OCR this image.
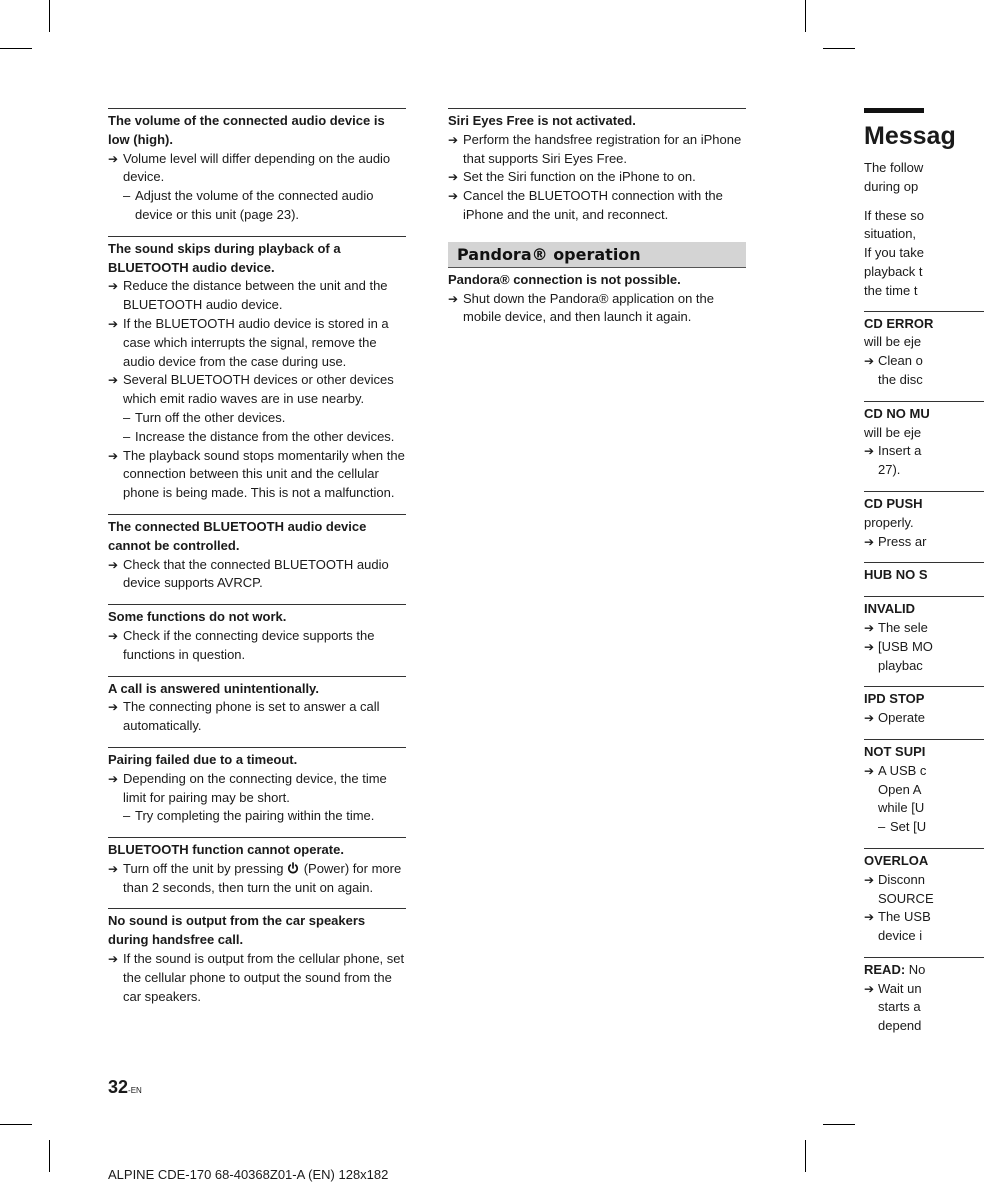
The volume of the connected audio device is low (high).
➔ Volume level will differ depending on the audio device.
– Adjust the volume of the connected audio device or this unit (page 23).
The sound skips during playback of a BLUETOOTH audio device.
➔ Reduce the distance between the unit and the BLUETOOTH audio device.
➔ If the BLUETOOTH audio device is stored in a case which interrupts the signal, remove the audio device from the case during use.
➔ Several BLUETOOTH devices or other devices which emit radio waves are in use nearby.
– Turn off the other devices.
– Increase the distance from the other devices.
➔ The playback sound stops momentarily when the connection between this unit and the cellular phone is being made. This is not a malfunction.
The connected BLUETOOTH audio device cannot be controlled.
➔ Check that the connected BLUETOOTH audio device supports AVRCP.
Some functions do not work.
➔ Check if the connecting device supports the functions in question.
A call is answered unintentionally.
➔ The connecting phone is set to answer a call automatically.
Pairing failed due to a timeout.
➔ Depending on the connecting device, the time limit for pairing may be short.
– Try completing the pairing within the time.
BLUETOOTH function cannot operate.
➔ Turn off the unit by pressing (Power) for more than 2 seconds, then turn the unit on again.
No sound is output from the car speakers during handsfree call.
➔ If the sound is output from the cellular phone, set the cellular phone to output the sound from the car speakers.
Siri Eyes Free is not activated.
➔ Perform the handsfree registration for an iPhone that supports Siri Eyes Free.
➔ Set the Siri function on the iPhone to on.
➔ Cancel the BLUETOOTH connection with the iPhone and the unit, and reconnect.
Pandora® operation
Pandora® connection is not possible.
➔ Shut down the Pandora® application on the mobile device, and then launch it again.
Messag
The follow
during op
If these so
situation,
If you take
playback t
the time t
CD ERROR
will be eje
➔ Clean o
the disc
CD NO MU
will be eje
➔ Insert a
27).
CD PUSH
properly.
➔ Press ar
HUB NO S
INVALID
➔ The sele
➔ [USB MO
playbac
IPD STOP
➔ Operate
NOT SUPI
➔ A USB c
Open A
while [U
– Set [U
OVERLOA
➔ Disconn
SOURCE
➔ The USB
device i
READ: No
➔ Wait un
starts a
depend
32-EN
ALPINE CDE-170 68-40368Z01-A (EN) 128x182
